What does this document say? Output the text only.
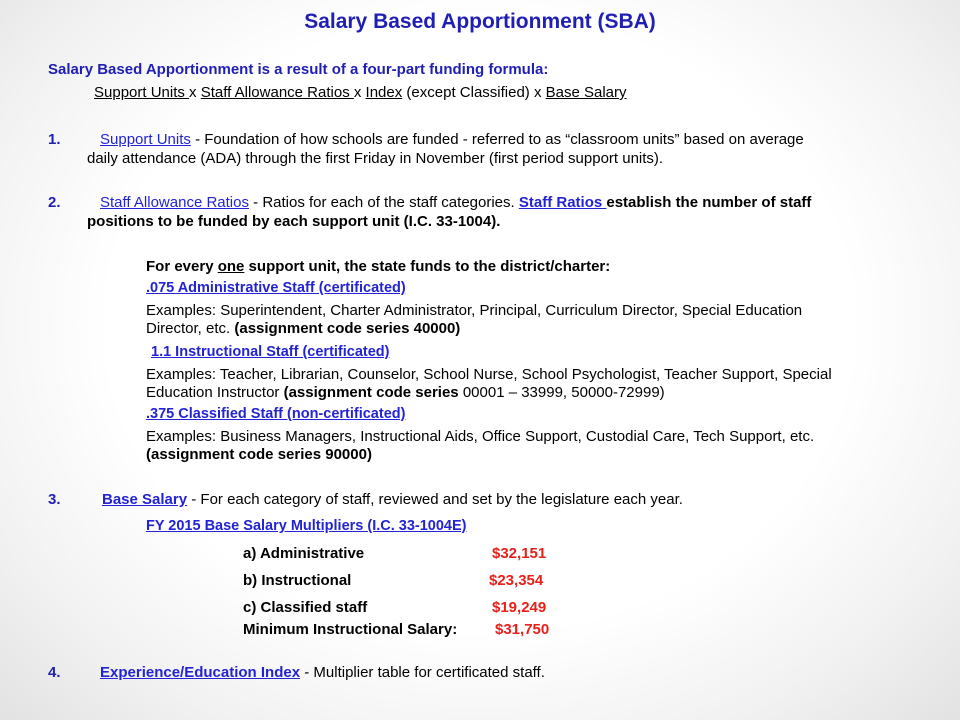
Salary Based Apportionment (SBA)
Salary Based Apportionment is a result of a four-part funding formula:
Support Units x Staff Allowance Ratios x Index (except Classified) x Base Salary
1.	Support Units - Foundation of how schools are funded - referred to as “classroom units” based on average
daily attendance (ADA) through the first Friday in November (first period support units).
2.	Staff Allowance Ratios - Ratios for each of the staff categories. Staff Ratios establish the number of staff
positions to be funded by each support unit (I.C. 33-1004).
For every one support unit, the state funds to the district/charter:
.075 Administrative Staff (certificated)
Examples: Superintendent, Charter Administrator, Principal, Curriculum Director, Special Education
Director, etc. (assignment code series 40000)
1.1 Instructional Staff (certificated)
Examples: Teacher, Librarian, Counselor, School Nurse, School Psychologist, Teacher Support, Special
Education Instructor (assignment code series 00001 – 33999, 50000-72999)
.375 Classified Staff (non-certificated)
Examples: Business Managers, Instructional Aids, Office Support, Custodial Care, Tech Support, etc.
(assignment code series 90000)
3.	Base Salary - For each category of staff, reviewed and set by the legislature each year.
FY 2015 Base Salary Multipliers (I.C. 33-1004E)
a) Administrative	$32,151
b) Instructional	$23,354
c) Classified staff	$19,249
Minimum Instructional Salary:	$31,750
4.	Experience/Education Index - Multiplier table for certificated staff.
